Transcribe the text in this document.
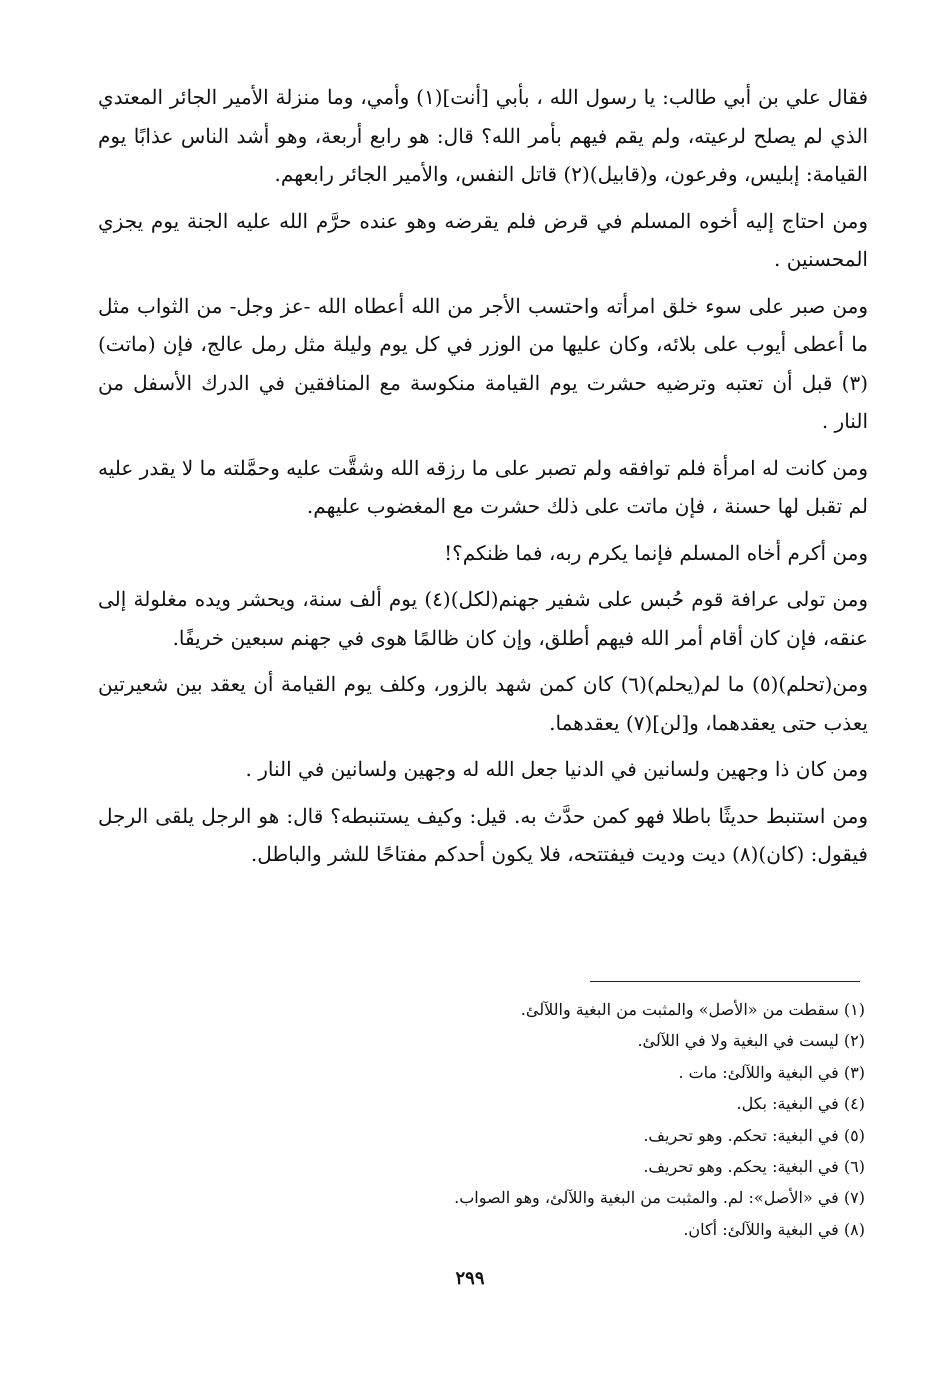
فقال علي بن أبي طالب: يا رسول الله ، بأبي [أنت](١) وأمي، وما منزلة الأمير الجائر المعتدي الذي لم يصلح لرعيته، ولم يقم فيهم بأمر الله؟ قال: هو رابع أربعة، وهو أشد الناس عذابًا يوم القيامة: إبليس، وفرعون، و(قابيل)(٢) قاتل النفس، والأمير الجائر رابعهم.

ومن احتاج إليه أخوه المسلم في قرض فلم يقرضه وهو عنده حرَّم الله عليه الجنة يوم يجزي المحسنين .

ومن صبر على سوء خلق امرأته واحتسب الأجر من الله أعطاه الله -عز وجل- من الثواب مثل ما أعطى أيوب على بلائه، وكان عليها من الوزر في كل يوم وليلة مثل رمل عالج، فإن (ماتت)(٣) قبل أن تعتبه وترضيه حشرت يوم القيامة منكوسة مع المنافقين في الدرك الأسفل من النار .

ومن كانت له امرأة فلم توافقه ولم تصبر على ما رزقه الله وشقَّت عليه وحمَّلته ما لا يقدر عليه لم تقبل لها حسنة ، فإن ماتت على ذلك حشرت مع المغضوب عليهم.

ومن أكرم أخاه المسلم فإنما يكرم ربه، فما ظنكم؟!

ومن تولى عرافة قوم حُبس على شفير جهنم(لكل)(٤) يوم ألف سنة، ويحشر ويده مغلولة إلى عنقه، فإن كان أقام أمر الله فيهم أطلق، وإن كان ظالمًا هوى في جهنم سبعين خريفًا.

ومن(تحلم)(٥) ما لم(يحلم)(٦) كان كمن شهد بالزور، وكلف يوم القيامة أن يعقد بين شعيرتين يعذب حتى يعقدهما، و[لن](٧) يعقدهما.

ومن كان ذا وجهين ولسانين في الدنيا جعل الله له وجهين ولسانين في النار .

ومن استنبط حديثًا باطلا فهو كمن حدَّث به. قيل: وكيف يستنبطه؟ قال: هو الرجل يلقى الرجل فيقول: (كان)(٨) ديت وديت فيفتتحه، فلا يكون أحدكم مفتاحًا للشر والباطل.

(١) سقطت من «الأصل» والمثبت من البغية واللآلئ.

(٢) ليست في البغية ولا في اللآلئ.

(٣) في البغية واللآلئ: مات .

(٤) في البغية: بكل.

(٥) في البغية: تحكم. وهو تحريف.

(٦) في البغية: يحكم. وهو تحريف.

(٧) في «الأصل»: لم. والمثبت من البغية واللآلئ، وهو الصواب.

(٨) في البغية واللآلئ: أكان.

٢٩٩
